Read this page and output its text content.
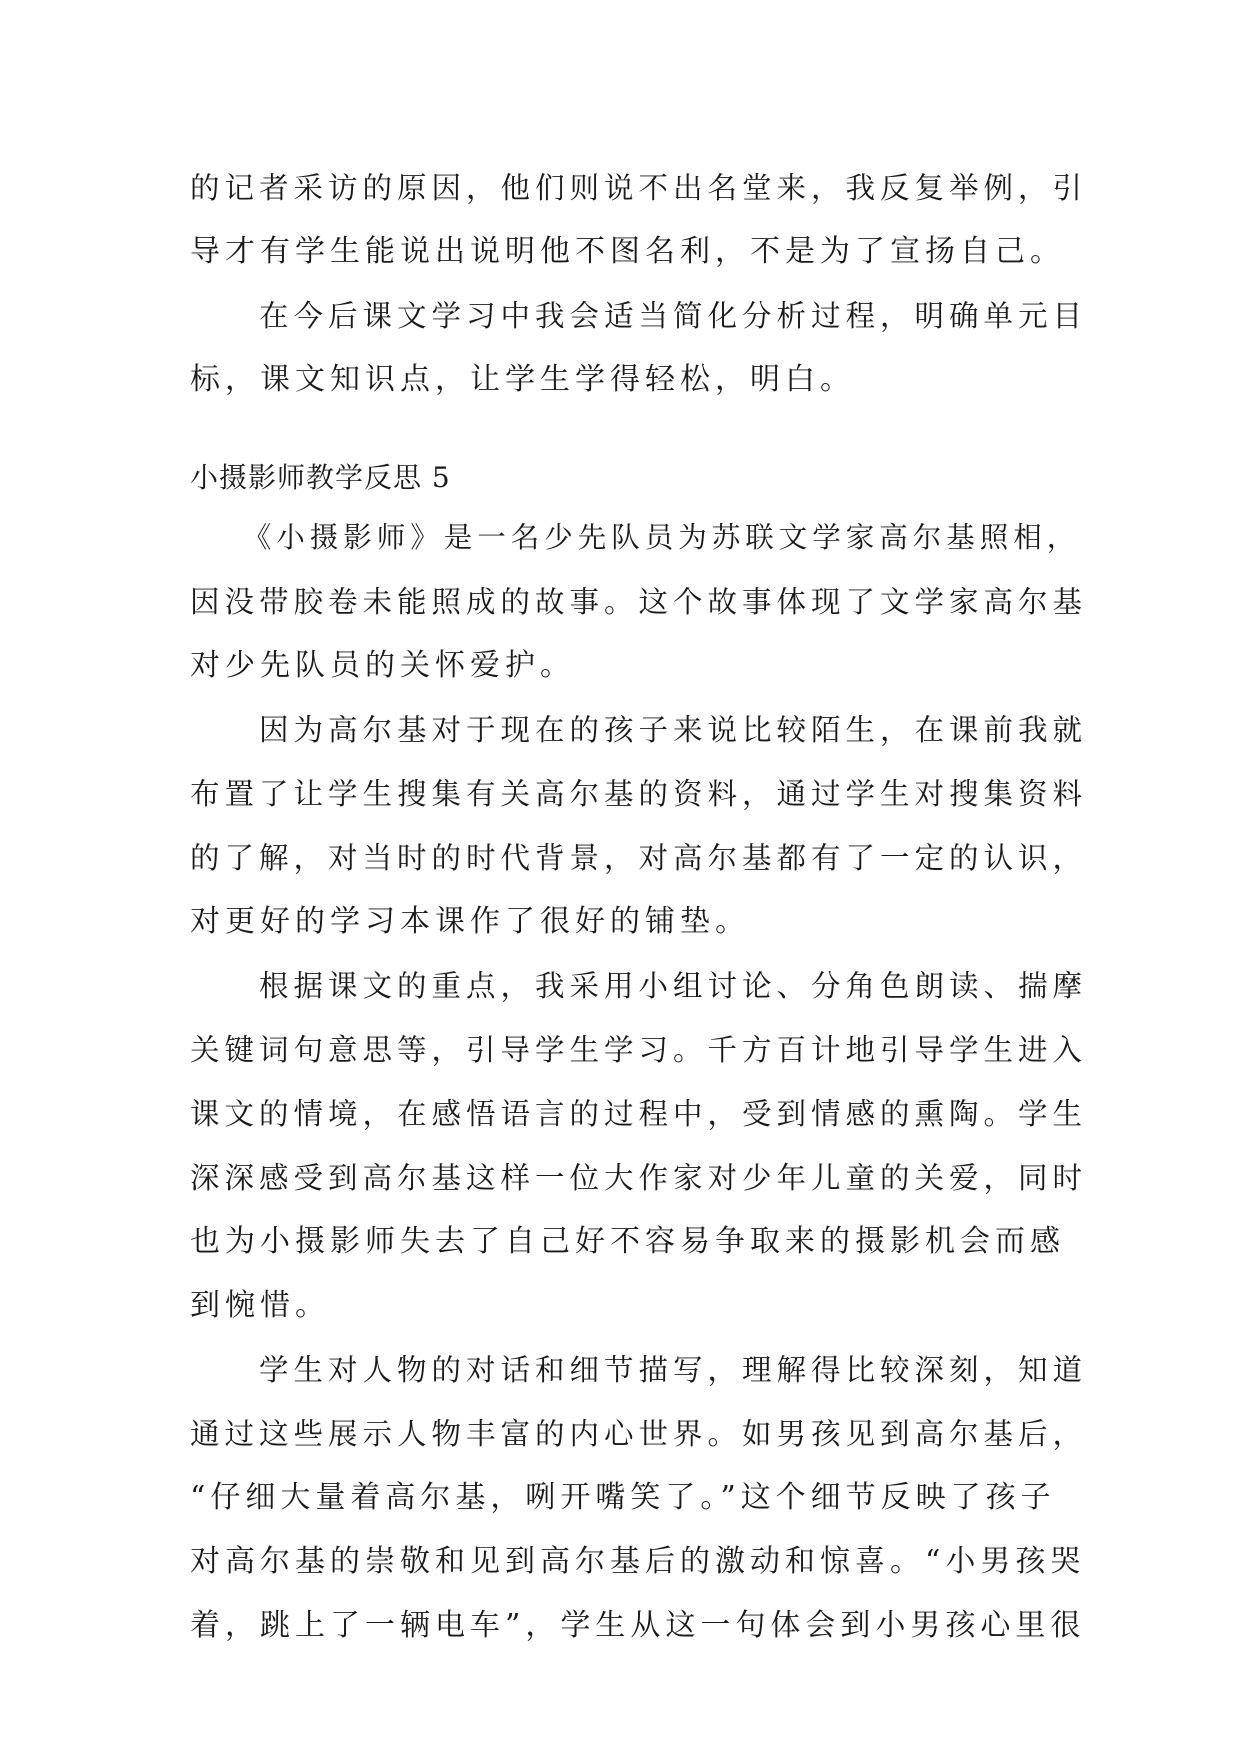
的记者采访的原因，他们则说不出名堂来，我反复举例，引
导才有学生能说出说明他不图名利，不是为了宣扬自己。
　　在今后课文学习中我会适当简化分析过程，明确单元目
标，课文知识点，让学生学得轻松，明白。
小摄影师教学反思 5
　　《小摄影师》是一名少先队员为苏联文学家高尔基照相，
因没带胶卷未能照成的故事。这个故事体现了文学家高尔基
对少先队员的关怀爱护。
　　因为高尔基对于现在的孩子来说比较陌生，在课前我就
布置了让学生搜集有关高尔基的资料，通过学生对搜集资料
的了解，对当时的时代背景，对高尔基都有了一定的认识，
对更好的学习本课作了很好的铺垫。
　　根据课文的重点，我采用小组讨论、分角色朗读、揣摩
关键词句意思等，引导学生学习。千方百计地引导学生进入
课文的情境，在感悟语言的过程中，受到情感的熏陶。学生
深深感受到高尔基这样一位大作家对少年儿童的关爱，同时
也为小摄影师失去了自己好不容易争取来的摄影机会而感
到惋惜。
　　学生对人物的对话和细节描写，理解得比较深刻，知道
通过这些展示人物丰富的内心世界。如男孩见到高尔基后，
“仔细大量着高尔基，咧开嘴笑了。”这个细节反映了孩子
对高尔基的崇敬和见到高尔基后的激动和惊喜。“小男孩哭
着，跳上了一辆电车”，学生从这一句体会到小男孩心里很
